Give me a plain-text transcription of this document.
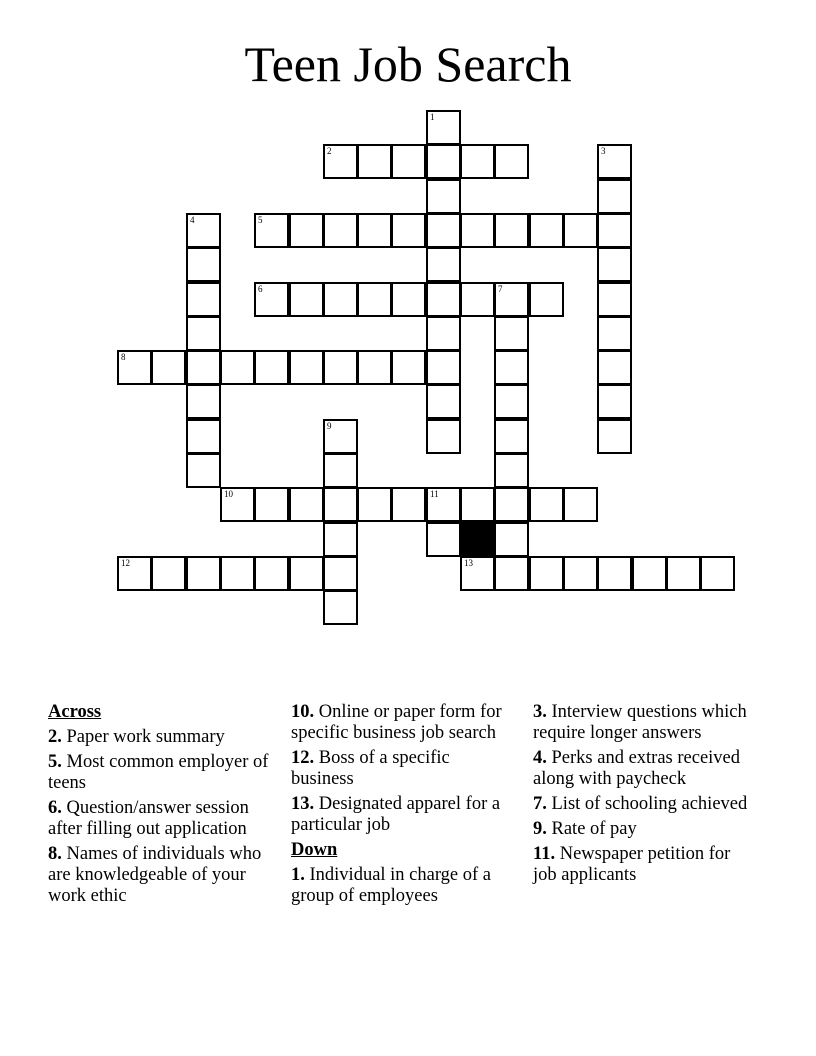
Teen Job Search
1
2	3
4	5
6	7
8
9
10	11
12	13
Across
2. Paper work summary
5. Most common employer of teens
6. Question/answer session after filling out application
8. Names of individuals who are knowledgeable of your work ethic
10. Online or paper form for specific business job search
12. Boss of a specific business
13. Designated apparel for a particular job
Down
1. Individual in charge of a group of employees
3. Interview questions which require longer answers
4. Perks and extras received along with paycheck
7. List of schooling achieved
9. Rate of pay
11. Newspaper petition for job applicants
